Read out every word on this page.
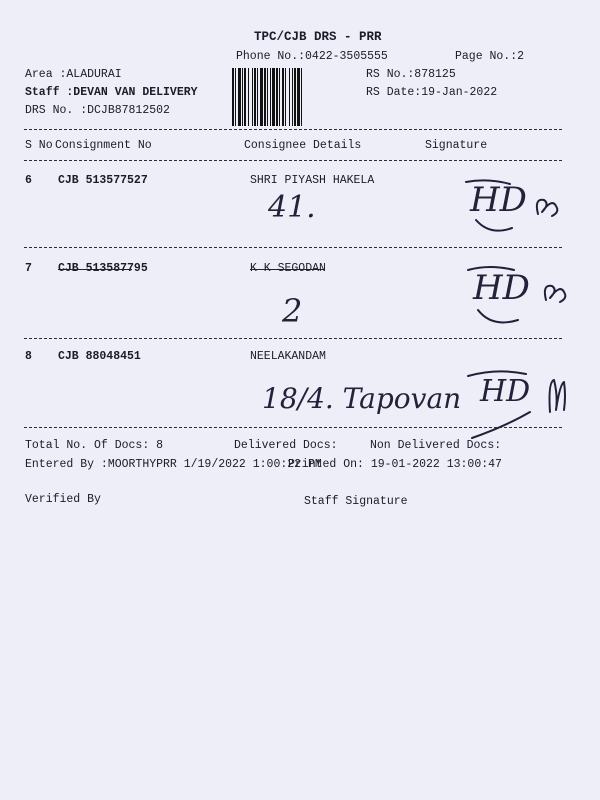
TPC/CJB DRS - PRR
Phone No.:0422-3505555	Page No.:2
Area :ALADURAI
Staff :DEVAN VAN DELIVERY
DRS No. :DCJB87812502
RS No.:878125
RS Date:19-Jan-2022
S No Consignment No	Consignee Details	Signature
6 CJB 513577527	SHRI PIYASH HAKELA
41.	HD
7 CJB 513587795	K K SEGODAN
2
HD
8 CJB 88048451	NEELAKANDAM
18/4. Tapovan HD
Total No. Of Docs: 8	Delivered Docs:	Non Delivered Docs:
Entered By :MOORTHYPRR 1/19/2022 1:00:22 PM
Printed On: 19-01-2022 13:00:47
Verified By	Staff Signature
